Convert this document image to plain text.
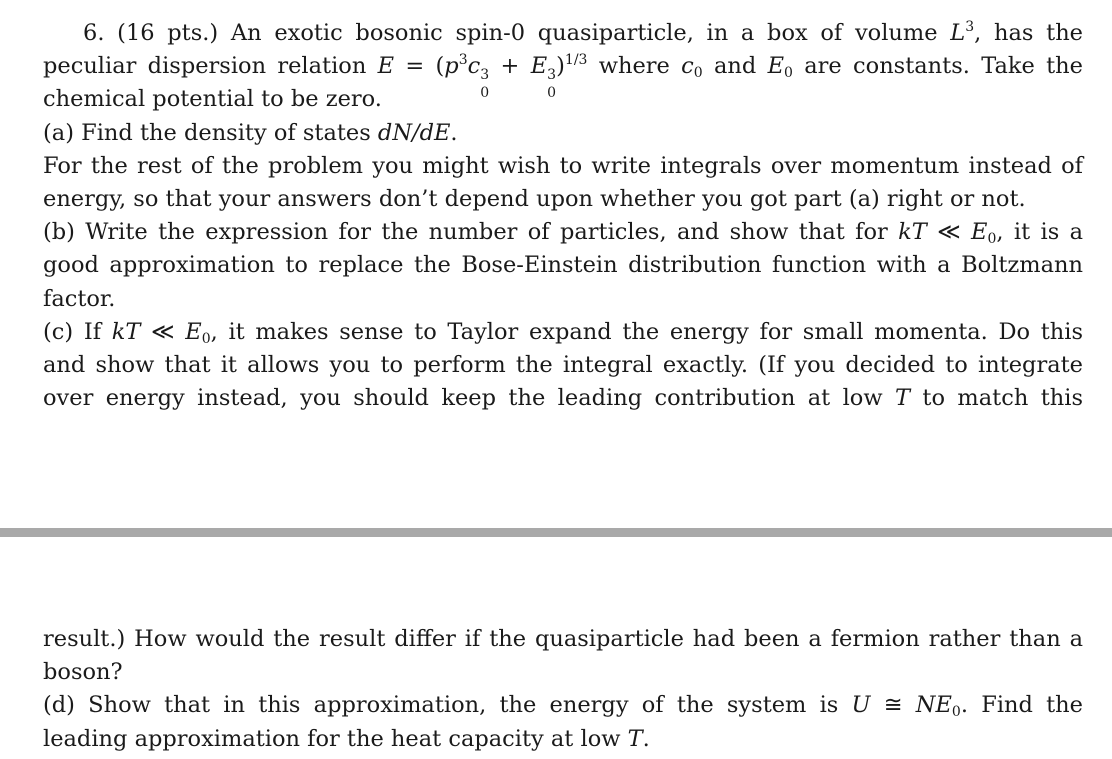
6. (16 pts.) An exotic bosonic spin-0 quasiparticle, in a box of volume $L^3$, has the
peculiar dispersion relation $E = (p^3c$ 3
0
+ E 3
0
)$^{1/3}$ where $c_0$ and $E_0$ are constants. Take the
chemical potential to be zero.
(a) Find the density of states dN/dE.
For the rest of the problem you might wish to write integrals over momentum instead of
energy, so that your answers don’t depend upon whether you got part (a) right or not.
(b) Write the expression for the number of particles, and show that for kT ≪ $E_0$, it is a
good approximation to replace the Bose-Einstein distribution function with a Boltzmann
factor.
(c) If kT ≪ $E_0$, it makes sense to Taylor expand the energy for small momenta. Do this
and show that it allows you to perform the integral exactly. (If you decided to integrate
over energy instead, you should keep the leading contribution at low T to match this
result.) How would the result differ if the quasiparticle had been a fermion rather than a
boson?
(d) Show that in this approximation, the energy of the system is U ≅ $NE_0$. Find the
leading approximation for the heat capacity at low T.
